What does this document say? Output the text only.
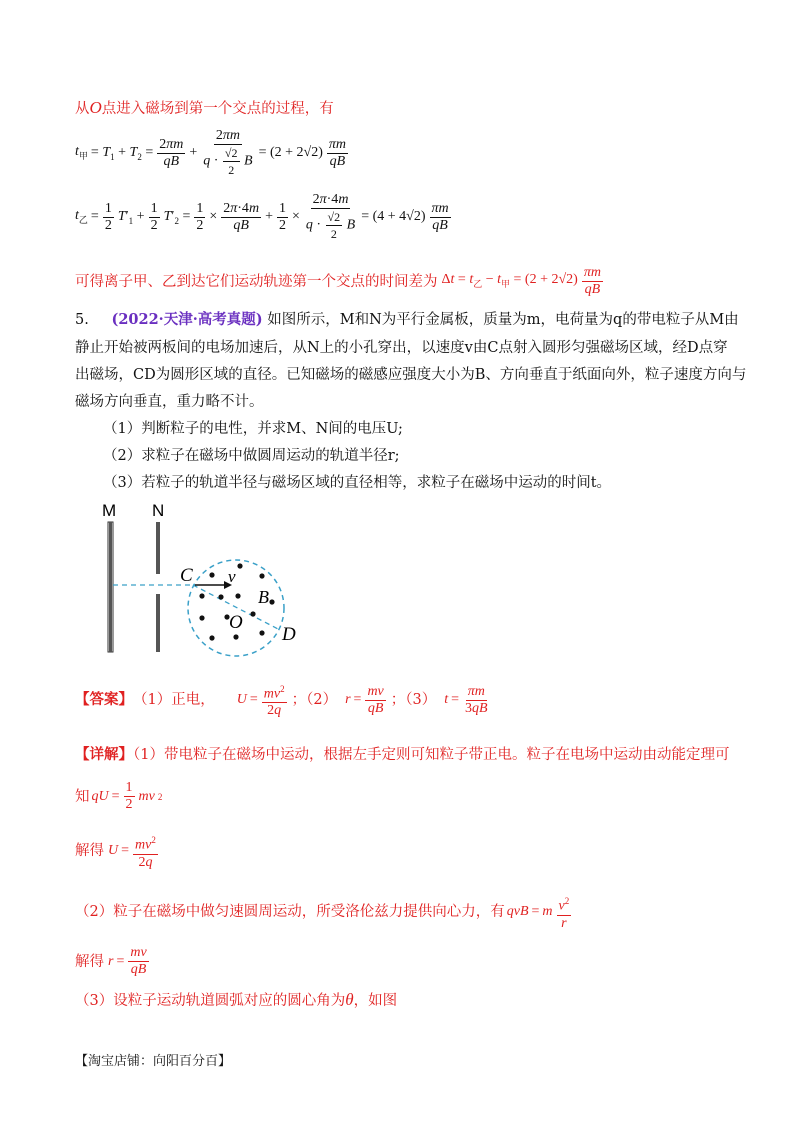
从O点进入磁场到第一个交点的过程，有
$t_甲 = T_1 + T_2 = \frac{2\pi m}{qB} + \frac{2\pi m}{q \cdot \frac{√2}{2} B} = (2 + 2√2) \frac{\pi m}{qB}$
$t_乙 = \frac{1}{2} T'_1 + \frac{1}{2} T'_2 = \frac{1}{2} \times \frac{2\pi\cdot 4m}{qB} + \frac{1}{2} \times \frac{2\pi\cdot 4m}{q \cdot \frac{√2}{2} B} = (4 + 4√2) \frac{\pi m}{qB}$
可得离子甲、乙到达它们运动轨迹第一个交点的时间差为 $\Delta t = t_乙 - t_甲 = (2 + 2√2) \frac{\pi m}{qB}$
5. (2022·天津·高考真题) 如图所示，M和N为平行金属板，质量为m，电荷量为q的带电粒子从M由
静止开始被两板间的电场加速后，从N上的小孔穿出，以速度v由C点射入圆形匀强磁场区域，经D点穿
出磁场，CD为圆形区域的直径。已知磁场的磁感应强度大小为B、方向垂直于纸面向外，粒子速度方向与
磁场方向垂直，重力略不计。
（1）判断粒子的电性，并求M、N间的电压U;
（2）求粒子在磁场中做圆周运动的轨道半径r;
（3）若粒子的轨道半径与磁场区域的直径相等，求粒子在磁场中运动的时间t。
M N
C v
B
O
D
【答案】 （1）正电， $U = \frac{mv^2}{2q}$ ；（2） $r = \frac{mv}{qB}$ ；（3） $t = \frac{\pi m}{3qB}$
【详解】（1）带电粒子在磁场中运动，根据左手定则可知粒子带正电。粒子在电场中运动由动能定理可
知 qU = $\frac{1}{2}$ mv 2
解得 $U = \frac{mv^2}{2q}$
（2）粒子在磁场中做匀速圆周运动，所受洛伦兹力提供向心力，有 qvB = m $\frac{v^2}{r}$
解得 $r = \frac{mv}{qB}$
（3）设粒子运动轨道圆弧对应的圆心角为θ，如图
【淘宝店铺：向阳百分百】
